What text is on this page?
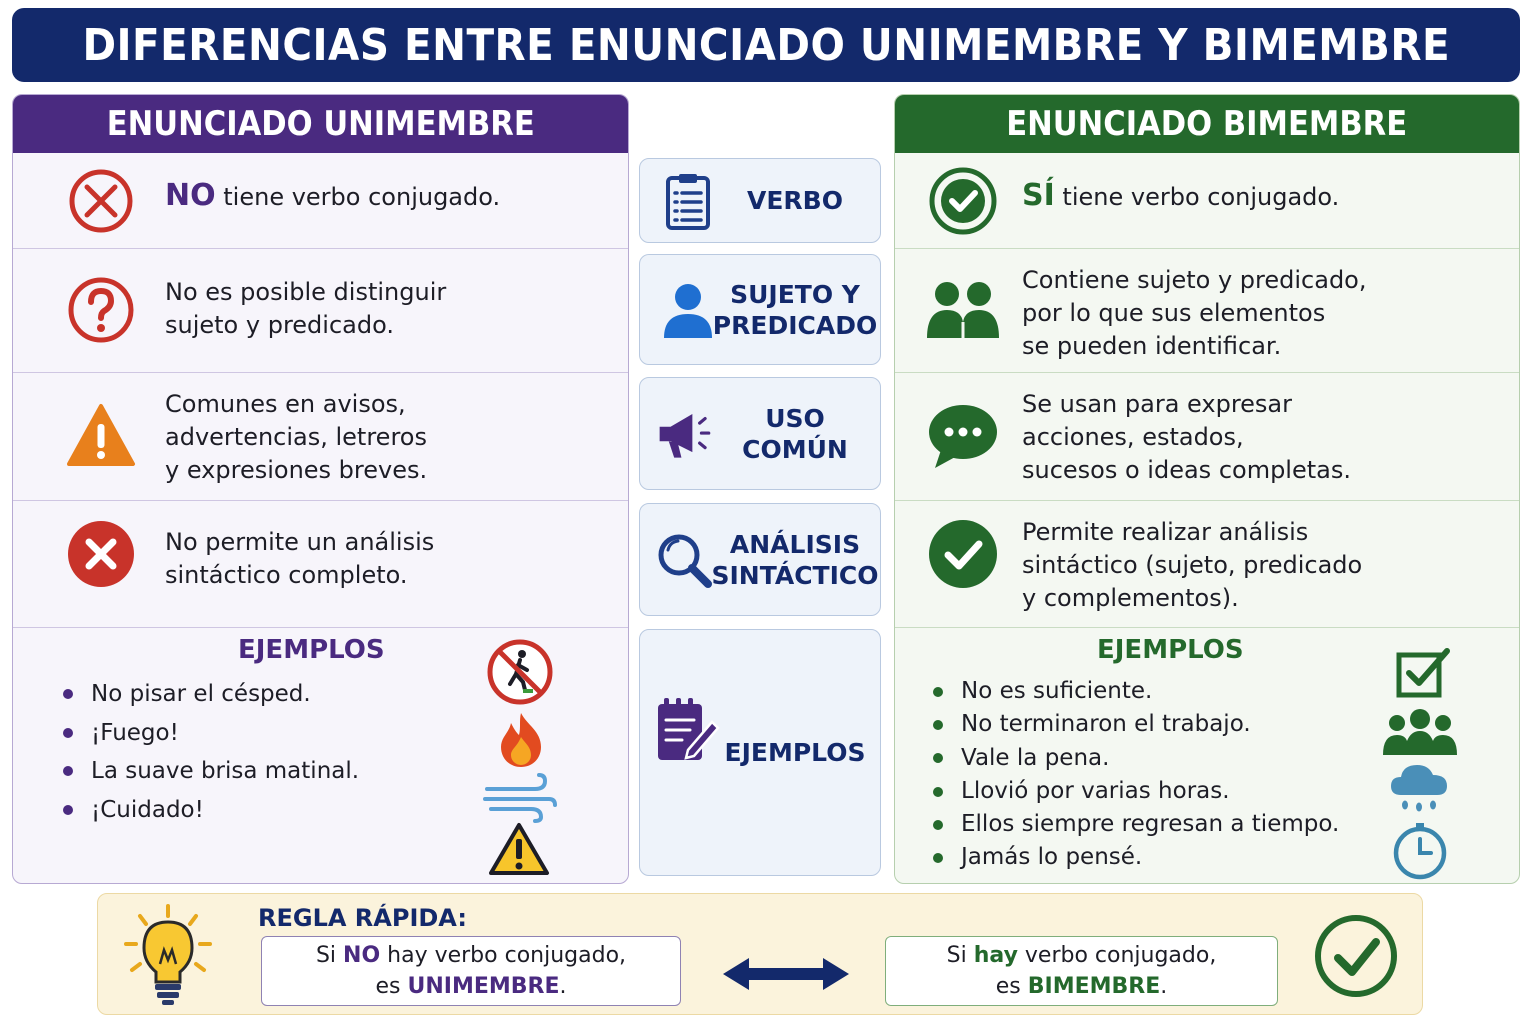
DIFERENCIAS ENTRE ENUNCIADO UNIMEMBRE Y BIMEMBRE
ENUNCIADO UNIMEMBRE
NO tiene verbo conjugado.
No es posible distinguir
sujeto y predicado.
Comunes en avisos,
advertencias, letreros
y expresiones breves.
No permite un análisis
sintáctico completo.
EJEMPLOS
No pisar el césped.
¡Fuego!
La suave brisa matinal.
¡Cuidado!
VERBO
SUJETO Y
PREDICADO
USO
COMÚN
ANÁLISIS
SINTÁCTICO
EJEMPLOS
ENUNCIADO BIMEMBRE
SÍ tiene verbo conjugado.
Contiene sujeto y predicado,
por lo que sus elementos
se pueden identificar.
Se usan para expresar
acciones, estados,
sucesos o ideas completas.
Permite realizar análisis
sintáctico (sujeto, predicado
y complementos).
EJEMPLOS
No es suficiente.
No terminaron el trabajo.
Vale la pena.
Llovió por varias horas.
Ellos siempre regresan a tiempo.
Jamás lo pensé.
REGLA RÁPIDA:
Si NO hay verbo conjugado,
es UNIMEMBRE.
Si hay verbo conjugado,
es BIMEMBRE.
